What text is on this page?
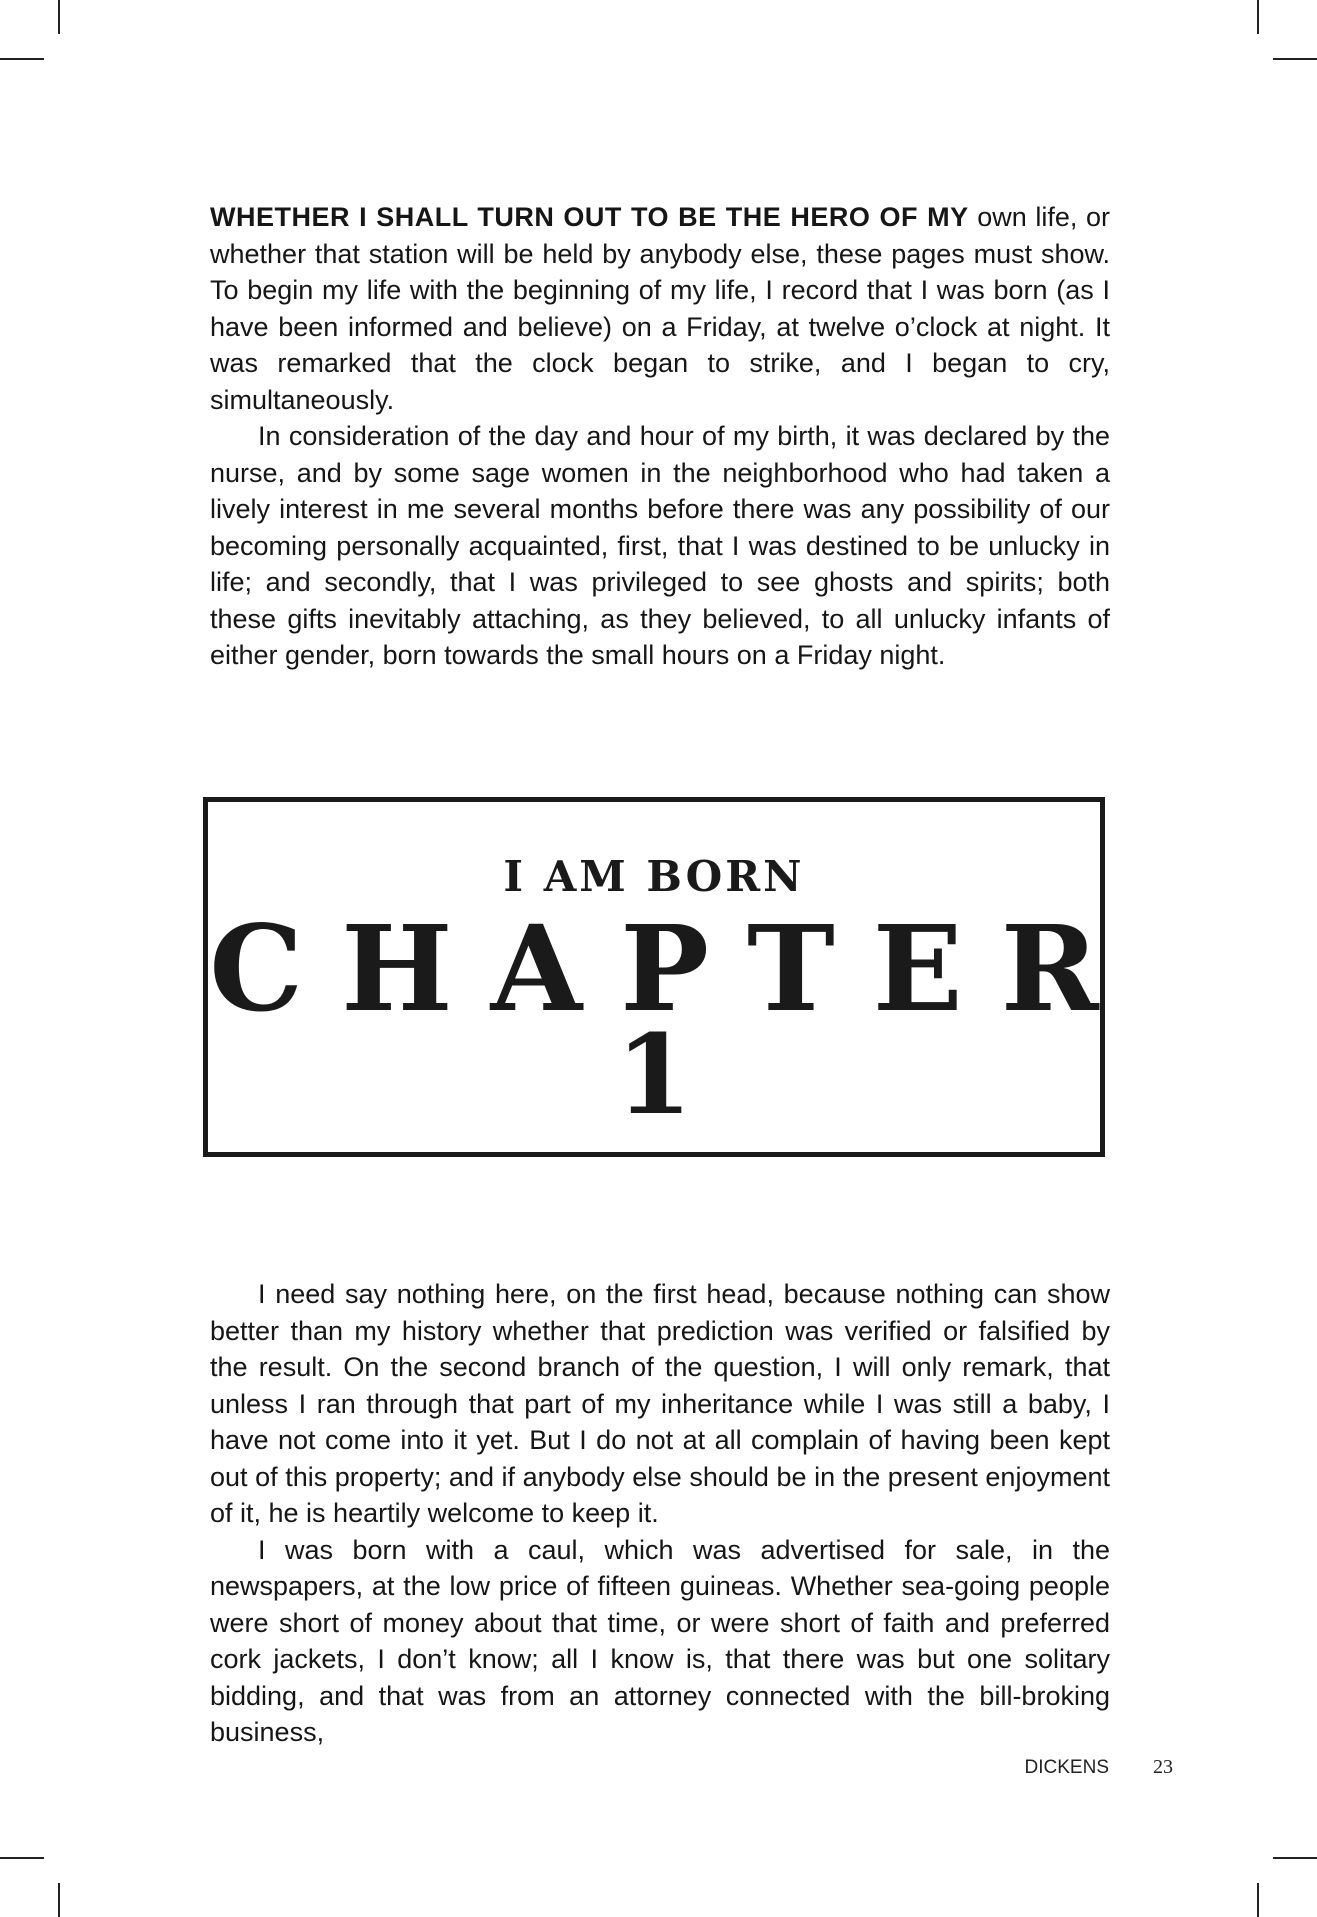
WHETHER I SHALL TURN OUT TO BE THE HERO OF MY own life, or whether that station will be held by anybody else, these pages must show. To begin my life with the beginning of my life, I record that I was born (as I have been informed and believe) on a Friday, at twelve o’clock at night. It was remarked that the clock began to strike, and I began to cry, simultaneously.

In consideration of the day and hour of my birth, it was declared by the nurse, and by some sage women in the neighborhood who had taken a lively interest in me several months before there was any possibility of our becoming personally acquainted, first, that I was destined to be unlucky in life; and secondly, that I was privileged to see ghosts and spirits; both these gifts inevitably attaching, as they believed, to all unlucky infants of either gender, born towards the small hours on a Friday night.

I AM BORN
CHAPTER
1

I need say nothing here, on the first head, because nothing can show better than my history whether that prediction was verified or falsified by the result. On the second branch of the question, I will only remark, that unless I ran through that part of my inheritance while I was still a baby, I have not come into it yet. But I do not at all complain of having been kept out of this property; and if anybody else should be in the present enjoyment of it, he is heartily welcome to keep it.

I was born with a caul, which was advertised for sale, in the newspapers, at the low price of fifteen guineas. Whether sea-going people were short of money about that time, or were short of faith and preferred cork jackets, I don’t know; all I know is, that there was but one solitary bidding, and that was from an attorney connected with the bill-broking business,

DICKENS 23
